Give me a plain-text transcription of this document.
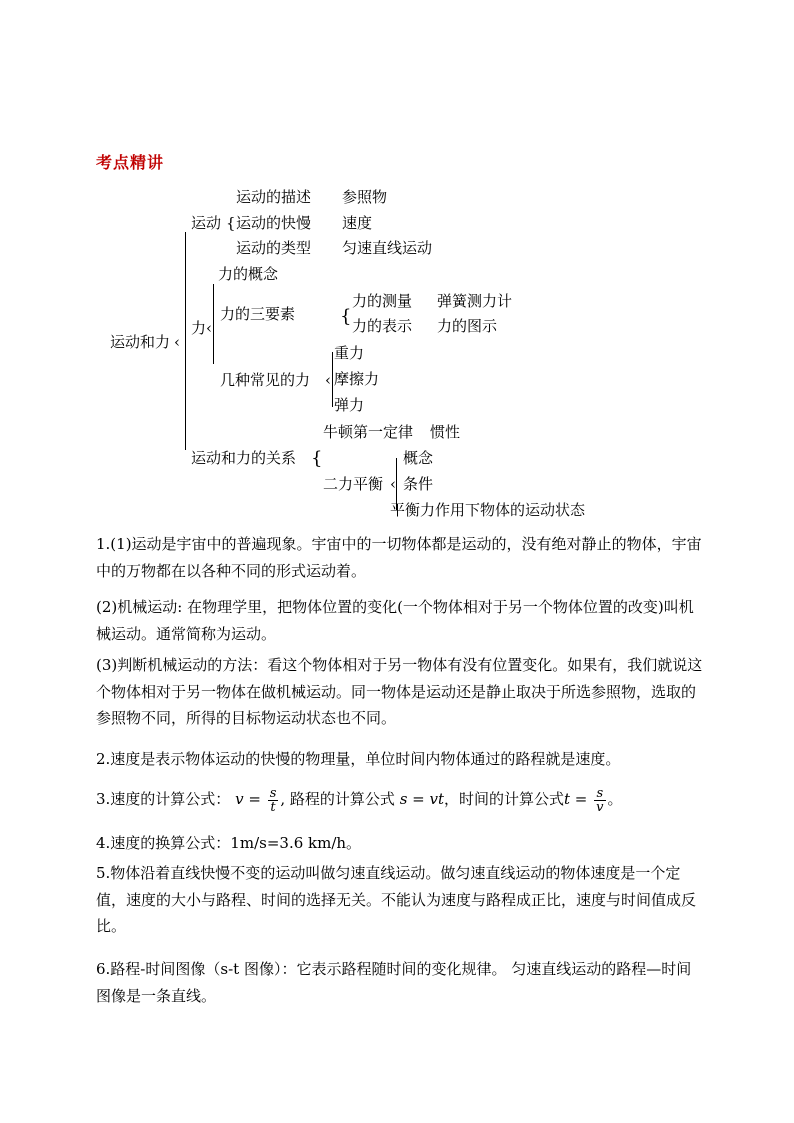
考点精讲
运动和力 ‹
运动 {
运动的描述 参照物
运动的快慢 速度
运动的类型 匀速直线运动
力 ‹
力的概念
力的三要素 {
力的测量 弹簧测力计
力的表示 力的图示
几种常见的力 ‹
重力
摩擦力
弹力
运动和力的关系 {
牛顿第一定律 惯性
二力平衡 ‹
概念
条件
平衡力作用下物体的运动状态

1.(1)运动是宇宙中的普遍现象。宇宙中的一切物体都是运动的，没有绝对静止的物体，宇宙中的万物都在以各种不同的形式运动着。

(2)机械运动: 在物理学里，把物体位置的变化(一个物体相对于另一个物体位置的改变)叫机械运动。通常简称为运动。

(3)判断机械运动的方法：看这个物体相对于另一物体有没有位置变化。如果有，我们就说这个物体相对于另一物体在做机械运动。同一物体是运动还是静止取决于所选参照物，选取的参照物不同，所得的目标物运动状态也不同。

2.速度是表示物体运动的快慢的物理量，单位时间内物体通过的路程就是速度。

3.速度的计算公式： $v = \frac{s}{t}$ , 路程的计算公式 s = vt，时间的计算公式$t = \frac{s}{v}$ 。

4.速度的换算公式：1m/s=3.6 km/h。

5.物体沿着直线快慢不变的运动叫做匀速直线运动。做匀速直线运动的物体速度是一个定值，速度的大小与路程、时间的选择无关。不能认为速度与路程成正比，速度与时间值成反比。

6.路程-时间图像（s-t 图像）：它表示路程随时间的变化规律。 匀速直线运动的路程—时间图像是一条直线。
